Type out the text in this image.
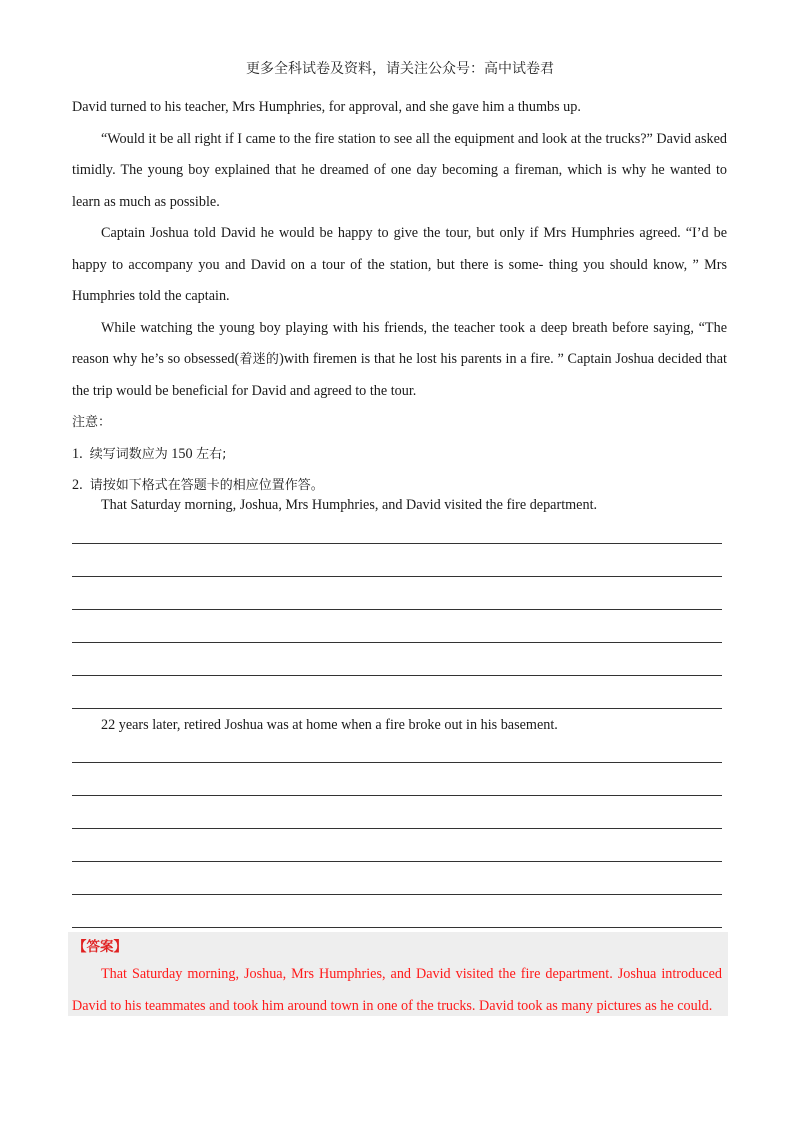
更多全科试卷及资料，请关注公众号：高中试卷君

David turned to his teacher, Mrs Humphries, for approval, and she gave him a thumbs up.

“Would it be all right if I came to the fire station to see all the equipment and look at the trucks?” David asked timidly. The young boy explained that he dreamed of one day becoming a fireman, which is why he wanted to learn as much as possible.

Captain Joshua told David he would be happy to give the tour, but only if Mrs Humphries agreed. “I’d be happy to accompany you and David on a tour of the station, but there is some- thing you should know, ” Mrs Humphries told the captain.

While watching the young boy playing with his friends, the teacher took a deep breath before saying, “The reason why he’s so obsessed(着迷的)with firemen is that he lost his parents in a fire. ” Captain Joshua decided that the trip would be beneficial for David and agreed to the tour.

注意：

1. 续写词数应为 150 左右;

2. 请按如下格式在答题卡的相应位置作答。

That Saturday morning, Joshua, Mrs Humphries, and David visited the fire department.
22 years later, retired Joshua was at home when a fire broke out in his basement.
【答案】
That Saturday morning, Joshua, Mrs Humphries, and David visited the fire department. Joshua introduced David to his teammates and took him around town in one of the trucks. David took as many pictures as he could.
